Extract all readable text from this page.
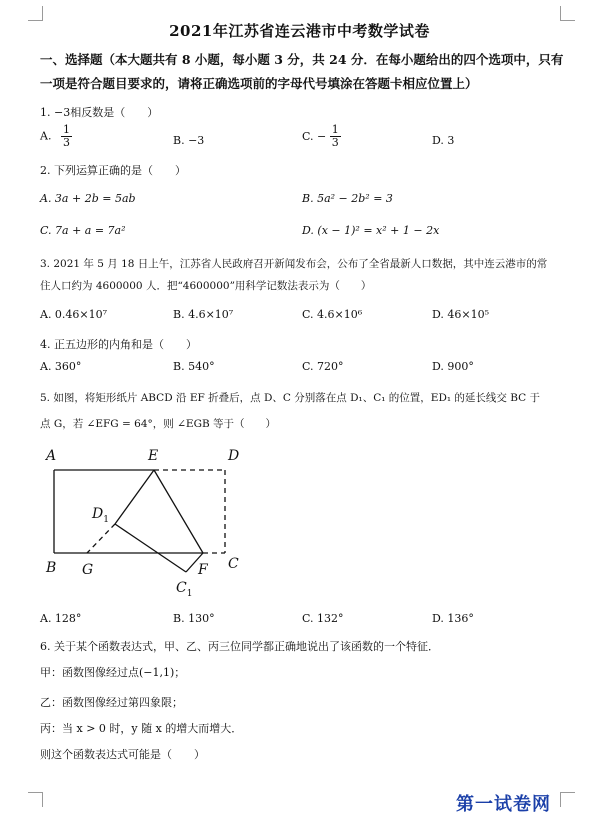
2021年江苏省连云港市中考数学试卷
一、选择题（本大题共有 8 小题，每小题 3 分，共 24 分．在每小题给出的四个选项中，只有
一项是符合题目要求的，请将正确选项前的字母代号填涂在答题卡相应位置上）
1. −3相反数是（　　）
A. $\frac{1}{3}$	B. −3	C. − $\frac{1}{3}$	D. 3
2. 下列运算正确的是（　　）
A. 3a + 2b = 5ab	B. 5a² − 2b² = 3
C. 7a + a = 7a²	D. (x − 1)² = x² + 1 − 2x
3. 2021 年 5 月 18 日上午，江苏省人民政府召开新闻发布会，公布了全省最新人口数据，其中连云港市的常
住人口约为 4600000 人．把“4600000”用科学记数法表示为（　　）
A. 0.46×10⁷	B. 4.6×10⁷	C. 4.6×10⁶	D. 46×10⁵
4. 正五边形的内角和是（　　）
A. 360°	B. 540°	C. 720°	D. 900°
5. 如图，将矩形纸片 ABCD 沿 EF 折叠后，点 D、C 分别落在点 D₁、C₁ 的位置，ED₁ 的延长线交 BC 于
点 G，若 ∠EFG = 64°，则 ∠EGB 等于（　　）
A	E	D
$D_1$
B G	F C
$C_1$
A. 128°	B. 130°	C. 132°	D. 136°
6. 关于某个函数表达式，甲、乙、丙三位同学都正确地说出了该函数的一个特征．
甲：函数图像经过点(−1,1)；
乙：函数图像经过第四象限；
丙：当 x > 0 时，y 随 x 的增大而增大．
则这个函数表达式可能是（　　）
第一试卷网
